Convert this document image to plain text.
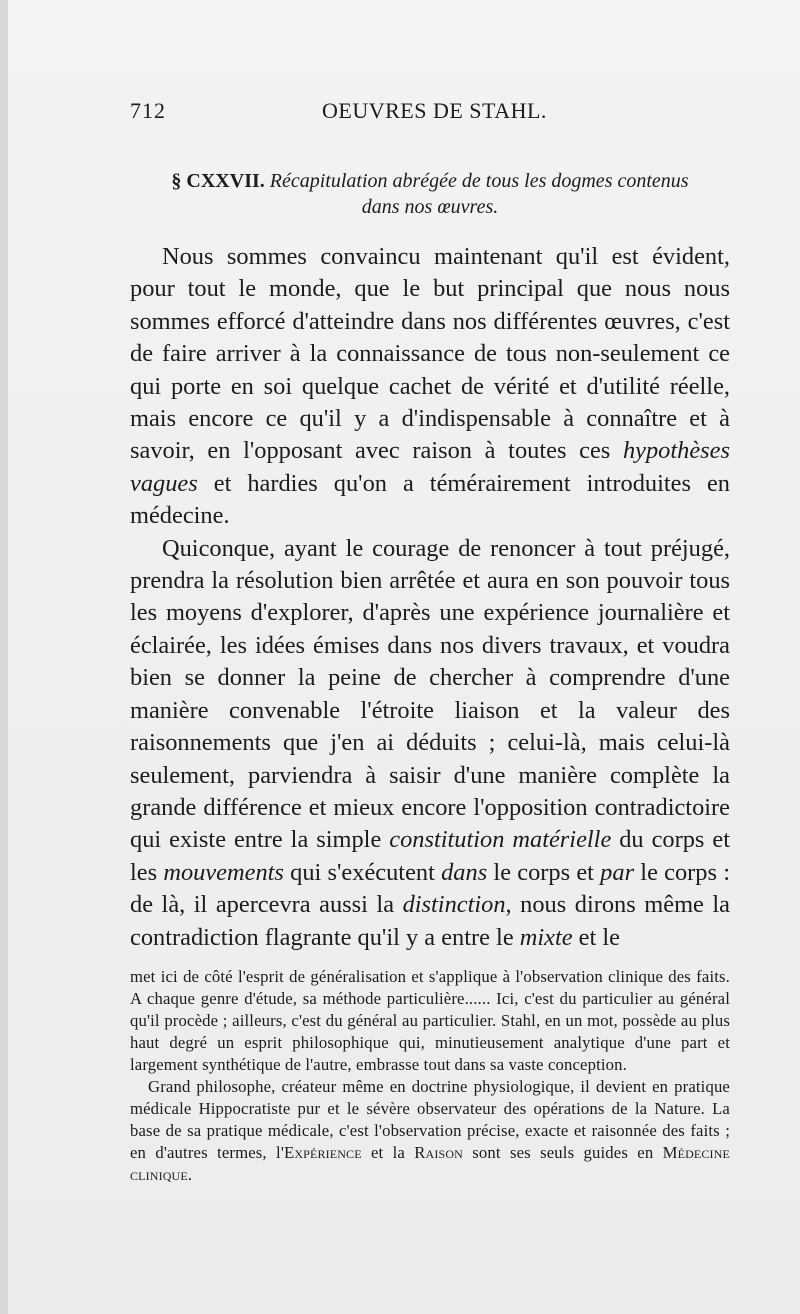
712	OEUVRES DE STAHL.
§ CXXVII. Récapitulation abrégée de tous les dogmes contenus
dans nos œuvres.

Nous sommes convaincu maintenant qu'il est évident, pour tout le monde, que le but principal que nous nous sommes efforcé d'atteindre dans nos différentes œuvres, c'est de faire arriver à la connaissance de tous non-seulement ce qui porte en soi quelque cachet de vérité et d'utilité réelle, mais encore ce qu'il y a d'indispensable à connaître et à savoir, en l'opposant avec raison à toutes ces hypothèses vagues et hardies qu'on a témérairement introduites en médecine.

Quiconque, ayant le courage de renoncer à tout préjugé, prendra la résolution bien arrêtée et aura en son pouvoir tous les moyens d'explorer, d'après une expérience journalière et éclairée, les idées émises dans nos divers travaux, et voudra bien se donner la peine de chercher à comprendre d'une manière convenable l'étroite liaison et la valeur des raisonnements que j'en ai déduits ; celui-là, mais celui-là seulement, parviendra à saisir d'une manière complète la grande différence et mieux encore l'opposition contradictoire qui existe entre la simple constitution matérielle du corps et les mouvements qui s'exécutent dans le corps et par le corps : de là, il apercevra aussi la distinction, nous dirons même la contradiction flagrante qu'il y a entre le mixte et le

met ici de côté l'esprit de généralisation et s'applique à l'observation clinique des faits. A chaque genre d'étude, sa méthode particulière...... Ici, c'est du particulier au général qu'il procède ; ailleurs, c'est du général au particulier. Stahl, en un mot, possède au plus haut degré un esprit philosophique qui, minutieusement analytique d'une part et largement synthétique de l'autre, embrasse tout dans sa vaste conception.

Grand philosophe, créateur même en doctrine physiologique, il devient en pratique médicale Hippocratiste pur et le sévère observateur des opérations de la Nature. La base de sa pratique médicale, c'est l'observation précise, exacte et raisonnée des faits ; en d'autres termes, l'Expérience et la Raison sont ses seuls guides en Médecine clinique.
